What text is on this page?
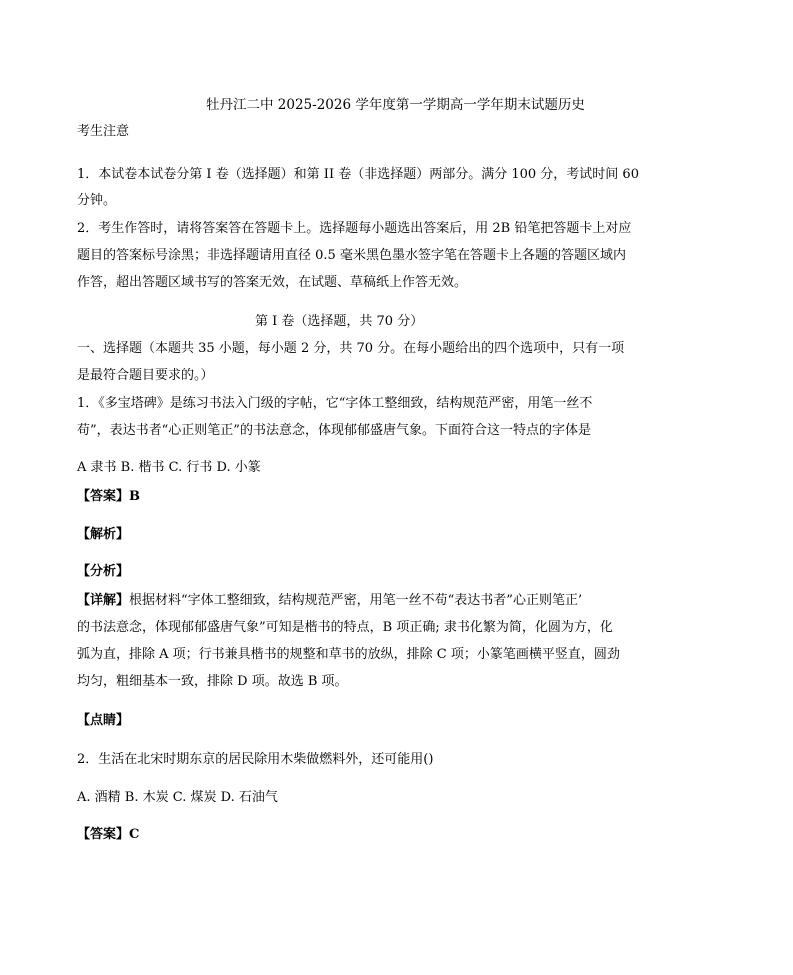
牡丹江二中 2025-2026 学年度第一学期高一学年期末试题历史
考生注意
1．本试卷本试卷分第 I 卷（选择题）和第 II 卷（非选择题）两部分。满分 100 分，考试时间 60
分钟。
2．考生作答时，请将答案答在答题卡上。选择题每小题选出答案后，用 2B 铅笔把答题卡上对应
题目的答案标号涂黑；非选择题请用直径 0.5 毫米黑色墨水签字笔在答题卡上各题的答题区域内
作答，超出答题区域书写的答案无效，在试题、草稿纸上作答无效。
第 I 卷（选择题，共 70 分）
一、选择题（本题共 35 小题，每小题 2 分，共 70 分。在每小题给出的四个选项中，只有一项
是最符合题目要求的。）
1．《多宝塔碑》是练习书法入门级的字帖，它“字体工整细致，结构规范严密，用笔一丝不
苟”，表达书者“心正则笔正”的书法意念，体现郁郁盛唐气象。下面符合这一特点的字体是
A 隶书 B. 楷书 C. 行书 D. 小篆
【答案】B
【解析】
【分析】
【详解】根据材料“字体工整细致，结构规范严密，用笔一丝不苟“表达书者”心正则笔正’
的书法意念，体现郁郁盛唐气象”可知是楷书的特点，B 项正确; 隶书化繁为简，化圆为方，化
弧为直，排除 A 项；行书兼具楷书的规整和草书的放纵，排除 C 项；小篆笔画横平竖直，圆劲
均匀，粗细基本一致，排除 D 项。故选 B 项。
【点睛】
2．生活在北宋时期东京的居民除用木柴做燃料外，还可能用()
A. 酒精 B. 木炭 C. 煤炭 D. 石油气
【答案】C
